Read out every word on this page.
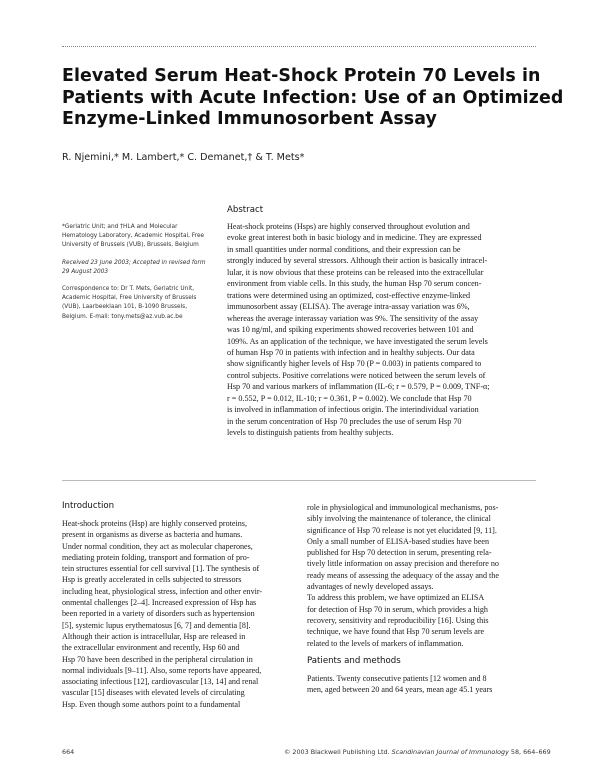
Elevated Serum Heat-Shock Protein 70 Levels in
Patients with Acute Infection: Use of an Optimized
Enzyme-Linked Immunosorbent Assay
R. Njemini,* M. Lambert,* C. Demanet,† & T. Mets*

*Geriatric Unit; and †HLA and Molecular

Hematology Laboratory, Academic Hospital, Free

University of Brussels (VUB), Brussels, Belgium

Received 23 June 2003; Accepted in revised form

29 August 2003

Correspondence to: Dr T. Mets, Geriatric Unit,

Academic Hospital, Free University of Brussels

(VUB), Laarbeeklaan 101, B-1090 Brussels,

Belgium. E-mail: tony.mets@az.vub.ac.be

Abstract
Heat-shock proteins (Hsps) are highly conserved throughout evolution and
evoke great interest both in basic biology and in medicine. They are expressed
in small quantities under normal conditions, and their expression can be
strongly induced by several stressors. Although their action is basically intracel-
lular, it is now obvious that these proteins can be released into the extracellular
environment from viable cells. In this study, the human Hsp 70 serum concen-
trations were determined using an optimized, cost-effective enzyme-linked
immunosorbent assay (ELISA). The average intra-assay variation was 6%,
whereas the average interassay variation was 9%. The sensitivity of the assay
was 10 ng/ml, and spiking experiments showed recoveries between 101 and
109%. As an application of the technique, we have investigated the serum levels
of human Hsp 70 in patients with infection and in healthy subjects. Our data
show significantly higher levels of Hsp 70 (P = 0.003) in patients compared to
control subjects. Positive correlations were noticed between the serum levels of
Hsp 70 and various markers of inflammation (IL-6; r = 0.579, P = 0.009, TNF-α;
r = 0.552, P = 0.012, IL-10; r = 0.361, P = 0.002). We conclude that Hsp 70
is involved in inflammation of infectious origin. The interindividual variation
in the serum concentration of Hsp 70 precludes the use of serum Hsp 70
levels to distinguish patients from healthy subjects.
Introduction
Heat-shock proteins (Hsp) are highly conserved proteins,
present in organisms as diverse as bacteria and humans.
Under normal condition, they act as molecular chaperones,
mediating protein folding, transport and formation of pro-
tein structures essential for cell survival [1]. The synthesis of
Hsp is greatly accelerated in cells subjected to stressors
including heat, physiological stress, infection and other envir-
onmental challenges [2–4]. Increased expression of Hsp has
been reported in a variety of disorders such as hypertension
[5], systemic lupus erythematosus [6, 7] and dementia [8].
Although their action is intracellular, Hsp are released in
the extracellular environment and recently, Hsp 60 and
Hsp 70 have been described in the peripheral circulation in
normal individuals [9–11]. Also, some reports have appeared,
associating infectious [12], cardiovascular [13, 14] and renal
vascular [15] diseases with elevated levels of circulating
Hsp. Even though some authors point to a fundamental
role in physiological and immunological mechanisms, pos-
sibly involving the maintenance of tolerance, the clinical
significance of Hsp 70 release is not yet elucidated [9, 11].
Only a small number of ELISA-based studies have been
published for Hsp 70 detection in serum, presenting rela-
tively little information on assay precision and therefore no
ready means of assessing the adequacy of the assay and the
advantages of newly developed assays.
To address this problem, we have optimized an ELISA
for detection of Hsp 70 in serum, which provides a high
recovery, sensitivity and reproducibility [16]. Using this
technique, we have found that Hsp 70 serum levels are
related to the levels of markers of inflammation.
Patients and methods
Patients. Twenty consecutive patients [12 women and 8
men, aged between 20 and 64 years, mean age 45.1 years
664	© 2003 Blackwell Publishing Ltd. Scandinavian Journal of Immunology 58, 664–669
